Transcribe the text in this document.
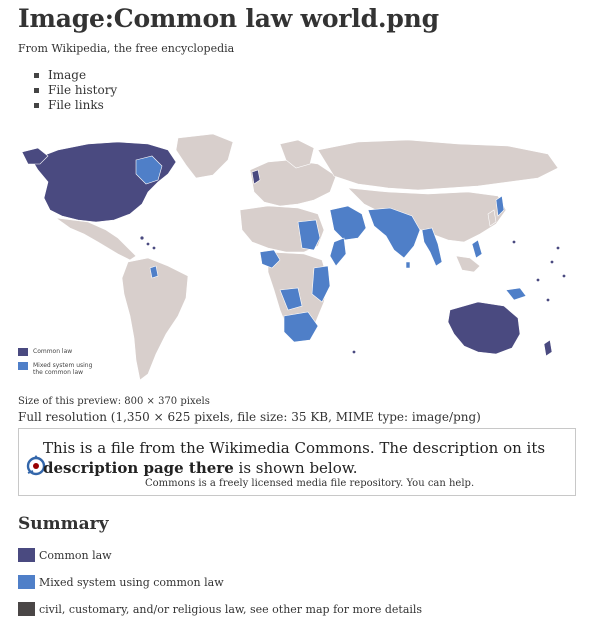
Image:Common law world.png
From Wikipedia, the free encyclopedia
Image
File history
File links
Common law
Mixed system using
the common law
Size of this preview: 800 × 370 pixels
Full resolution (1,350 × 625 pixels, file size: 35 KB, MIME type: image/png)
This is a file from the Wikimedia Commons. The description on its
description page there is shown below.
Commons is a freely licensed media file repository. You can help.
Summary
Common law
Mixed system using common law
civil, customary, and/or religious law, see other map for more details
